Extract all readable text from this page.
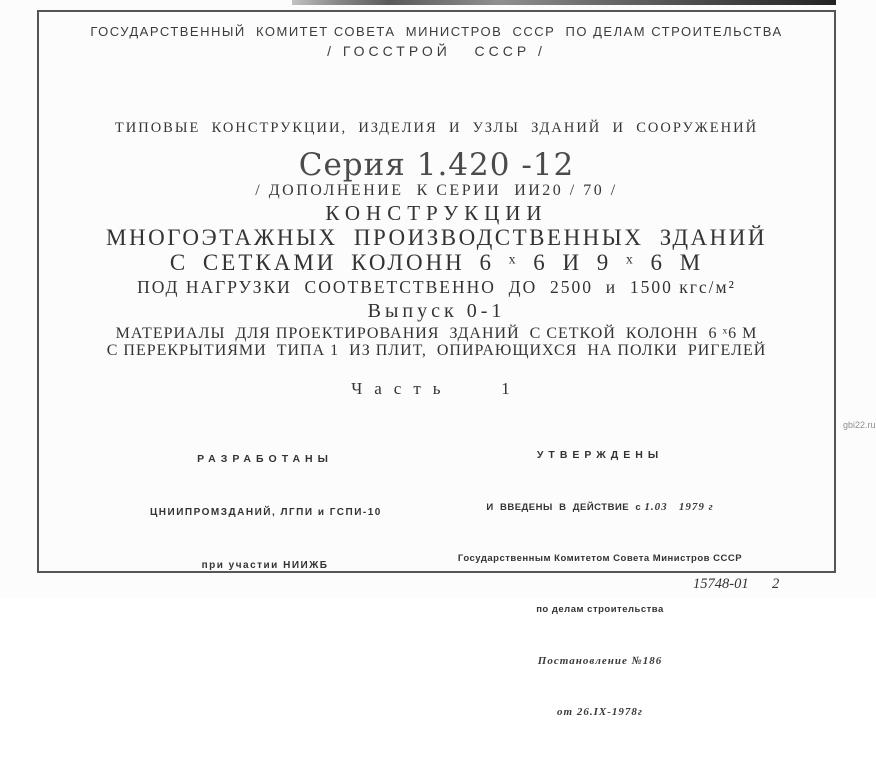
ГОСУДАРСТВЕННЫЙ  КОМИТЕТ СОВЕТА  МИНИСТРОВ  СССР  ПО ДЕЛАМ СТРОИТЕЛЬСТВА
/ ГОССТРОЙ   СССР /
ТИПОВЫЕ  КОНСТРУКЦИИ,  ИЗДЕЛИЯ  И  УЗЛЫ  ЗДАНИЙ  И  СООРУЖЕНИЙ
Серия 1.420 -12
/ ДОПОЛНЕНИЕ  К СЕРИИ  ИИ20 / 70 /
КОНСТРУКЦИИ
МНОГОЭТАЖНЫХ ПРОИЗВОДСТВЕННЫХ ЗДАНИЙ
С СЕТКАМИ КОЛОНН 6 ˣ 6 И 9 ˣ 6 М
ПОД НАГРУЗКИ  СООТВЕТСТВЕННО  ДО  2500  и  1500 кгс/м²
Выпуск 0-1
МАТЕРИАЛЫ  ДЛЯ ПРОЕКТИРОВАНИЯ  ЗДАНИЙ  С СЕТКОЙ  КОЛОНН  6 ˣ6 М
С ПЕРЕКРЫТИЯМИ  ТИПА 1  ИЗ ПЛИТ,  ОПИРАЮЩИХСЯ  НА ПОЛКИ  РИГЕЛЕЙ
Часть   1

РАЗРАБОТАНЫ

ЦНИИПРОМЗДАНИЙ, ЛГПИ и ГСПИ-10

при участии НИИЖБ

УТВЕРЖДЕНЫ

И  ВВЕДЕНЫ  В  ДЕЙСТВИЕ  с 1.03   1979 г

Государственным Комитетом Совета Министров СССР

по делам строительства

Постановление №186

от 26.IX-1978г

15748-01 2
gbi22.ru
